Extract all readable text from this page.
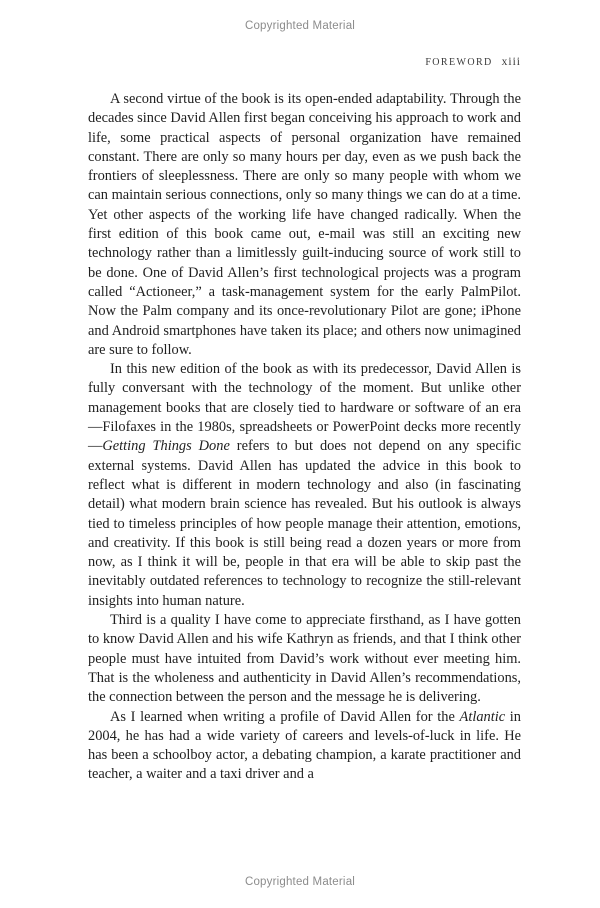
Copyrighted Material
FOREWORD xiii

A second virtue of the book is its open-ended adaptability. Through the decades since David Allen first began conceiving his approach to work and life, some practical aspects of personal organization have remained constant. There are only so many hours per day, even as we push back the frontiers of sleeplessness. There are only so many people with whom we can maintain serious connections, only so many things we can do at a time. Yet other aspects of the working life have changed radically. When the first edition of this book came out, e-mail was still an exciting new technology rather than a limitlessly guilt-inducing source of work still to be done. One of David Allen’s first technological projects was a program called “Actioneer,” a task-management system for the early PalmPilot. Now the Palm company and its once-revolutionary Pilot are gone; iPhone and Android smartphones have taken its place; and others now unimagined are sure to follow.

In this new edition of the book as with its predecessor, David Allen is fully conversant with the technology of the moment. But unlike other management books that are closely tied to hardware or software of an era—Filofaxes in the 1980s, spreadsheets or PowerPoint decks more recently—Getting Things Done refers to but does not depend on any specific external systems. David Allen has updated the advice in this book to reflect what is different in modern technology and also (in fascinating detail) what modern brain science has revealed. But his outlook is always tied to timeless principles of how people manage their attention, emotions, and creativity. If this book is still being read a dozen years or more from now, as I think it will be, people in that era will be able to skip past the inevitably outdated references to technology to recognize the still-relevant insights into human nature.

Third is a quality I have come to appreciate firsthand, as I have gotten to know David Allen and his wife Kathryn as friends, and that I think other people must have intuited from David’s work without ever meeting him. That is the wholeness and authenticity in David Allen’s recommendations, the connection between the person and the message he is delivering.

As I learned when writing a profile of David Allen for the Atlantic in 2004, he has had a wide variety of careers and levels-of-luck in life. He has been a schoolboy actor, a debating champion, a karate practitioner and teacher, a waiter and a taxi driver and a

Copyrighted Material
